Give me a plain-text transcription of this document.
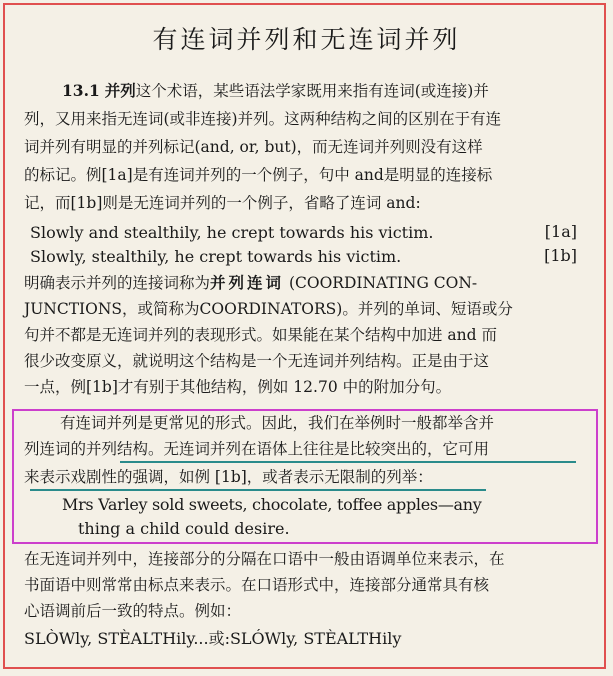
有连词并列和无连词并列
13.1 并列这个术语，某些语法学家既用来指有连词(或连接)并
列，又用来指无连词(或非连接)并列。这两种结构之间的区别在于有连
词并列有明显的并列标记(and, or, but)，而无连词并列则没有这样
的标记。例[1a]是有连词并列的一个例子，句中 and是明显的连接标
记，而[1b]则是无连词并列的一个例子，省略了连词 and:
Slowly and stealthily, he crept towards his victim.	[1a]
Slowly, stealthily, he crept towards his victim.	[1b]
明确表示并列的连接词称为并列连词 (COORDINATING CON-
JUNCTIONS，或简称为COORDINATORS)。并列的单词、短语或分
句并不都是无连词并列的表现形式。如果能在某个结构中加进 and 而
很少改变原义，就说明这个结构是一个无连词并列结构。正是由于这
一点，例[1b]才有别于其他结构，例如 12.70 中的附加分句。
有连词并列是更常见的形式。因此，我们在举例时一般都举含并
列连词的并列结构。无连词并列在语体上往往是比较突出的，它可用
来表示戏剧性的强调，如例 [1b]，或者表示无限制的列举：
Mrs Varley sold sweets, chocolate, toffee apples—any
thing a child could desire.
在无连词并列中，连接部分的分隔在口语中一般由语调单位来表示，在
书面语中则常常由标点来表示。在口语形式中，连接部分通常具有核
心语调前后一致的特点。例如：
SLÒWly, STÈALTHily...或:SLÓWly, STÈALTHily
